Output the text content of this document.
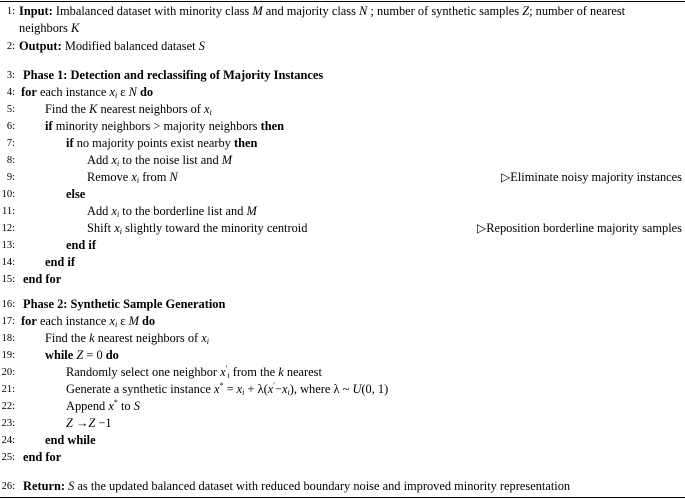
1: Input: Imbalanced dataset with minority class M and majority class N ; number of synthetic samples Z; number of nearest
neighbors K
2: Output: Modified balanced dataset S
3: Phase 1: Detection and reclassifing of Majority Instances
4: for each instance $x_i$ ε N do
5: Find the K nearest neighbors of $x_i$
6: if minority neighbors > majority neighbors then
7:	if no majority points exist nearby then
8:	Add $x_i$ to the noise list and M
9:	Remove $x_i$ from N	▷Eliminate noisy majority instances
10:	else
11:	Add $x_i$ to the borderline list and M
12:	Shift $x_i$ slightly toward the minority centroid	▷Reposition borderline majority samples
13:	end if
14: end if
15: end for
16: Phase 2: Synthetic Sample Generation
17: for each instance $x_i$ ε M do
18: Find the k nearest neighbors of $x_i$
19: while Z = 0 do
20:	Randomly select one neighbor $x'_i$ from the k nearest
21:	Generate a synthetic instance $x^* = x_i + \lambda(x'-x_i)$, where λ ~ U(0, 1)
22:	Append x* to S
23:	Z →Z −1
24: end while
25: end for
26: Return: S as the updated balanced dataset with reduced boundary noise and improved minority representation
